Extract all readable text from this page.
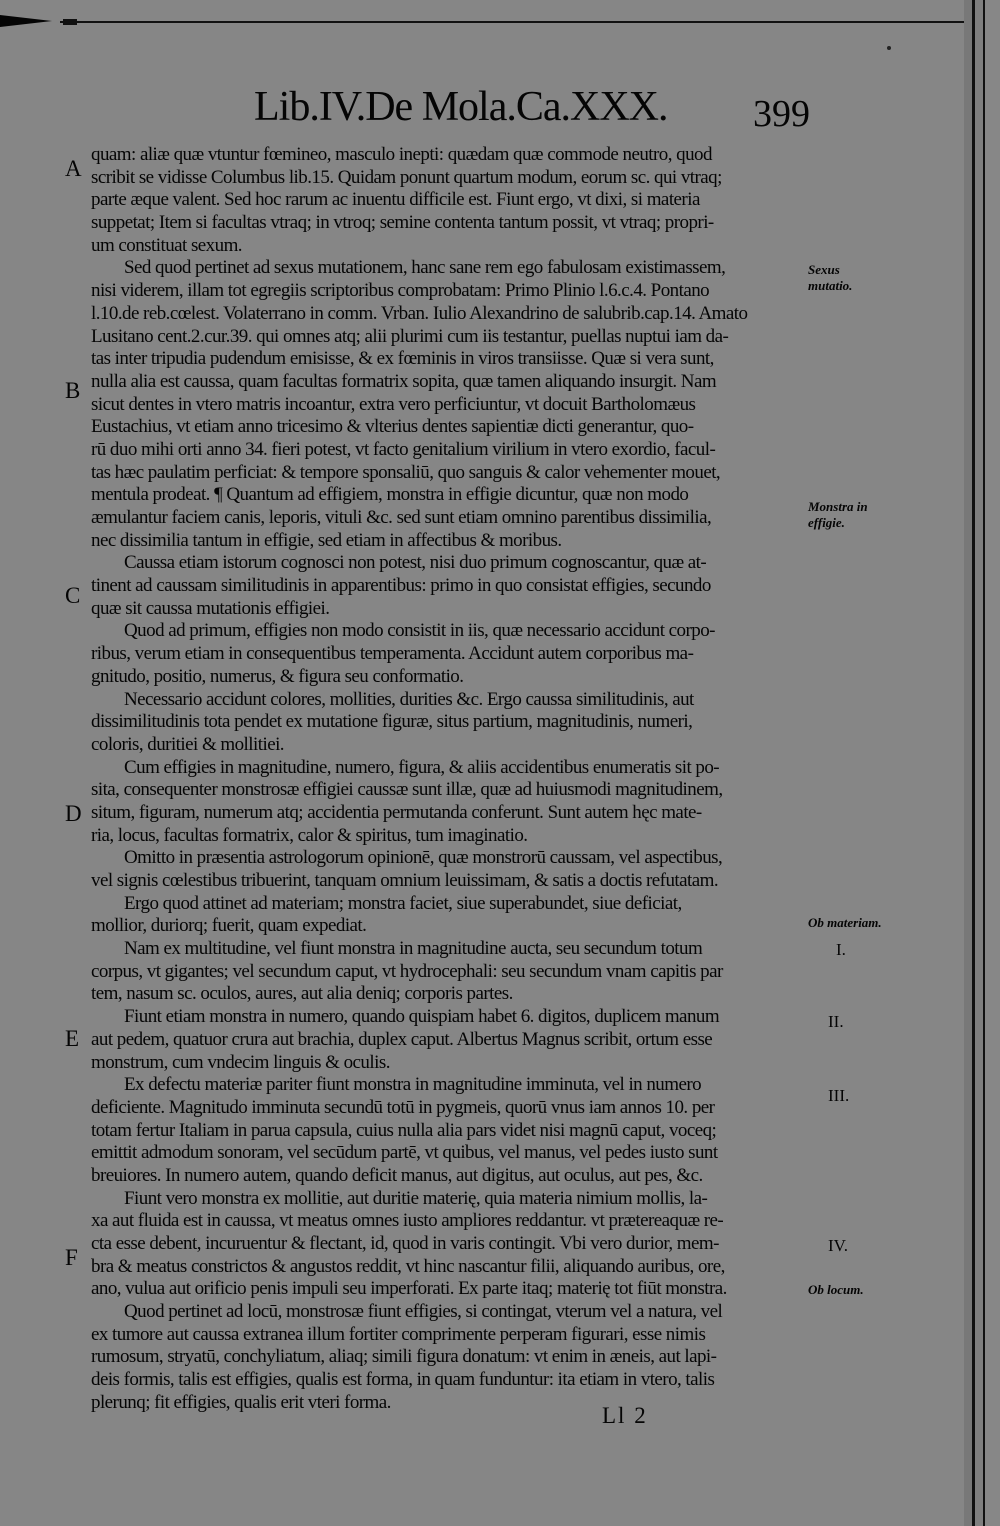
Lib.IV.De Mola.Ca.XXX. 399
A
B
C
D
E
F
Sexus mutatio.
Monstra in effigie.
Ob materiam.
I.
II.
III.
IV.
Ob locum.
quam: aliæ quæ vtuntur fœmineo, masculo inepti: quædam quæ commode neutro, quod
scribit se vidisse Columbus lib.15. Quidam ponunt quartum modum, eorum sc. qui vtraq;
parte æque valent. Sed hoc rarum ac inuentu difficile est. Fiunt ergo, vt dixi, si materia
suppetat; Item si facultas vtraq; in vtroq; semine contenta tantum possit, vt vtraq; propri-
um constituat sexum.
Sed quod pertinet ad sexus mutationem, hanc sane rem ego fabulosam existimassem,
nisi viderem, illam tot egregiis scriptoribus comprobatam: Primo Plinio l.6.c.4. Pontano
l.10.de reb.cœlest. Volaterrano in comm. Vrban. Iulio Alexandrino de salubrib.cap.14. Amato
Lusitano cent.2.cur.39. qui omnes atq; alii plurimi cum iis testantur, puellas nuptui iam da-
tas inter tripudia pudendum emisisse, & ex fœminis in viros transiisse. Quæ si vera sunt,
nulla alia est caussa, quam facultas formatrix sopita, quæ tamen aliquando insurgit. Nam
sicut dentes in vtero matris incoantur, extra vero perficiuntur, vt docuit Bartholomæus
Eustachius, vt etiam anno tricesimo & vlterius dentes sapientiæ dicti generantur, quo-
rū duo mihi orti anno 34. fieri potest, vt facto genitalium virilium in vtero exordio, facul-
tas hæc paulatim perficiat: & tempore sponsaliū, quo sanguis & calor vehementer mouet,
mentula prodeat. ¶ Quantum ad effigiem, monstra in effigie dicuntur, quæ non modo
æmulantur faciem canis, leporis, vituli &c. sed sunt etiam omnino parentibus dissimilia,
nec dissimilia tantum in effigie, sed etiam in affectibus & moribus.
Caussa etiam istorum cognosci non potest, nisi duo primum cognoscantur, quæ at-
tinent ad caussam similitudinis in apparentibus: primo in quo consistat effigies, secundo
quæ sit caussa mutationis effigiei.
Quod ad primum, effigies non modo consistit in iis, quæ necessario accidunt corpo-
ribus, verum etiam in consequentibus temperamenta. Accidunt autem corporibus ma-
gnitudo, positio, numerus, & figura seu conformatio.
Necessario accidunt colores, mollities, durities &c. Ergo caussa similitudinis, aut
dissimilitudinis tota pendet ex mutatione figuræ, situs partium, magnitudinis, numeri,
coloris, duritiei & mollitiei.
Cum effigies in magnitudine, numero, figura, & aliis accidentibus enumeratis sit po-
sita, consequenter monstrosæ effigiei caussæ sunt illæ, quæ ad huiusmodi magnitudinem,
situm, figuram, numerum atq; accidentia permutanda conferunt. Sunt autem hęc mate-
ria, locus, facultas formatrix, calor & spiritus, tum imaginatio.
Omitto in præsentia astrologorum opinionē, quæ monstrorū caussam, vel aspectibus,
vel signis cœlestibus tribuerint, tanquam omnium leuissimam, & satis a doctis refutatam.
Ergo quod attinet ad materiam; monstra faciet, siue superabundet, siue deficiat,
mollior, duriorq; fuerit, quam expediat.
Nam ex multitudine, vel fiunt monstra in magnitudine aucta, seu secundum totum
corpus, vt gigantes; vel secundum caput, vt hydrocephali: seu secundum vnam capitis par
tem, nasum sc. oculos, aures, aut alia deniq; corporis partes.
Fiunt etiam monstra in numero, quando quispiam habet 6. digitos, duplicem manum
aut pedem, quatuor crura aut brachia, duplex caput. Albertus Magnus scribit, ortum esse
monstrum, cum vndecim linguis & oculis.
Ex defectu materiæ pariter fiunt monstra in magnitudine imminuta, vel in numero
deficiente. Magnitudo imminuta secundū totū in pygmeis, quorū vnus iam annos 10. per
totam fertur Italiam in parua capsula, cuius nulla alia pars videt nisi magnū caput, voceq;
emittit admodum sonoram, vel secūdum partē, vt quibus, vel manus, vel pedes iusto sunt
breuiores. In numero autem, quando deficit manus, aut digitus, aut oculus, aut pes, &c.
Fiunt vero monstra ex mollitie, aut duritie materię, quia materia nimium mollis, la-
xa aut fluida est in caussa, vt meatus omnes iusto ampliores reddantur. vt prætereaquæ re-
cta esse debent, incuruentur & flectant, id, quod in varis contingit. Vbi vero durior, mem-
bra & meatus constrictos & angustos reddit, vt hinc nascantur filii, aliquando auribus, ore,
ano, vulua aut orificio penis impuli seu imperforati. Ex parte itaq; materię tot fiūt monstra.
Quod pertinet ad locū, monstrosæ fiunt effigies, si contingat, vterum vel a natura, vel
ex tumore aut caussa extranea illum fortiter comprimente perperam figurari, esse nimis
rumosum, stryatū, conchyliatum, aliaq; simili figura donatum: vt enim in æneis, aut lapi-
deis formis, talis est effigies, qualis est forma, in quam funduntur: ita etiam in vtero, talis
plerunq; fit effigies, qualis erit vteri forma.
Ll 2
